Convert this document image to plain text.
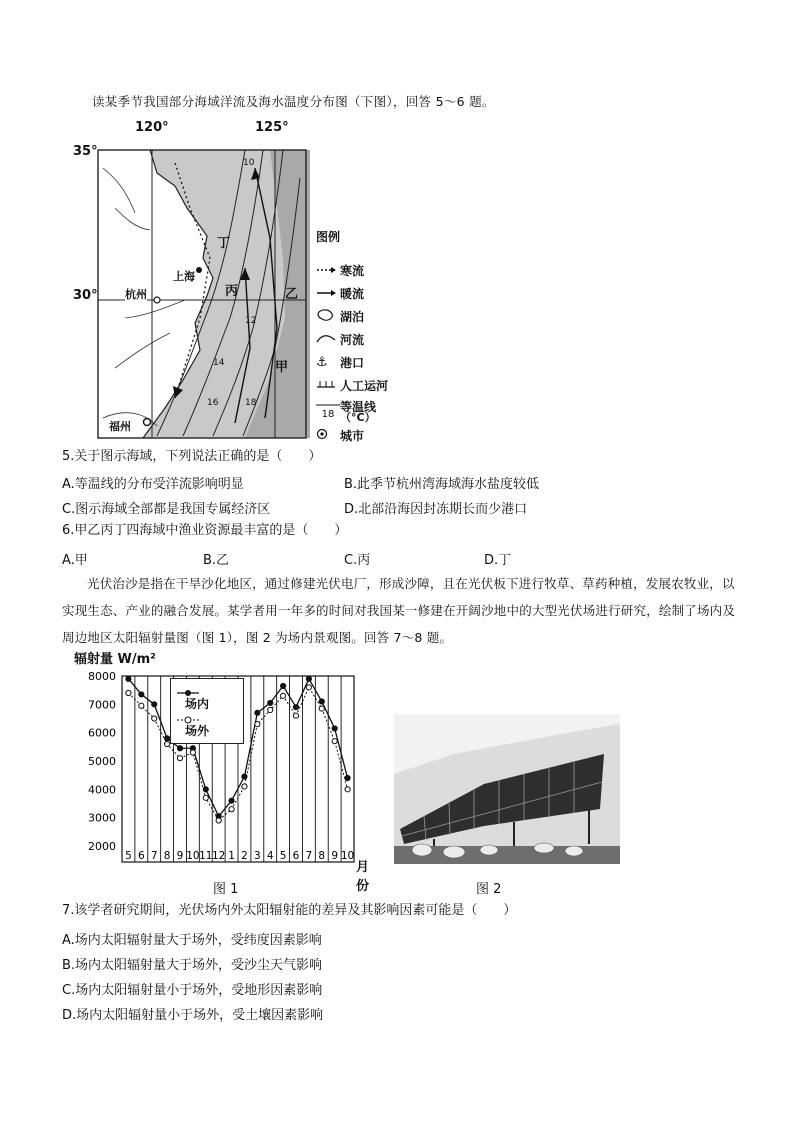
读某季节我国部分海域洋流及海水温度分布图（下图），回答 5～6 题。
120°	125°
35°
30° 杭州
上海
福州
甲
乙
丙
丁
10
12
14
16	18
图例
寒流
暖流
湖泊
河流
⚓	港口
人工运河
等温线
18 （°C）
城市
5.关于图示海域，下列说法正确的是（　　）
A.等温线的分布受洋流影响明显	B.此季节杭州湾海域海水盐度较低
C.图示海域全部都是我国专属经济区	D.北部沿海因封冻期长而少港口
6.甲乙丙丁四海域中渔业资源最丰富的是（　　）
A.甲	B.乙	C.丙	D.丁
光伏治沙是指在干旱沙化地区，通过修建光伏电厂，形成沙障，且在光伏板下进行牧草、草药种植，发展农牧业，以实现生态、产业的融合发展。某学者用一年多的时间对我国某一修建在开阔沙地中的大型光伏场进行研究，绘制了场内及周边地区太阳辐射量图（图 1），图 2 为场内景观图。回答 7～8 题。
辐射量 W/m²
2000
3000
4000
5000
6000
7000
8000
5 6 7 8 9 10 11 12 1 2 3 4 5 6 7 8 9 10
月份
场内
场外
图 1	图 2
7.该学者研究期间，光伏场内外太阳辐射能的差异及其影响因素可能是（　　）
A.场内太阳辐射量大于场外，受纬度因素影响
B.场内太阳辐射量大于场外，受沙尘天气影响
C.场内太阳辐射量小于场外，受地形因素影响
D.场内太阳辐射量小于场外，受土壤因素影响
